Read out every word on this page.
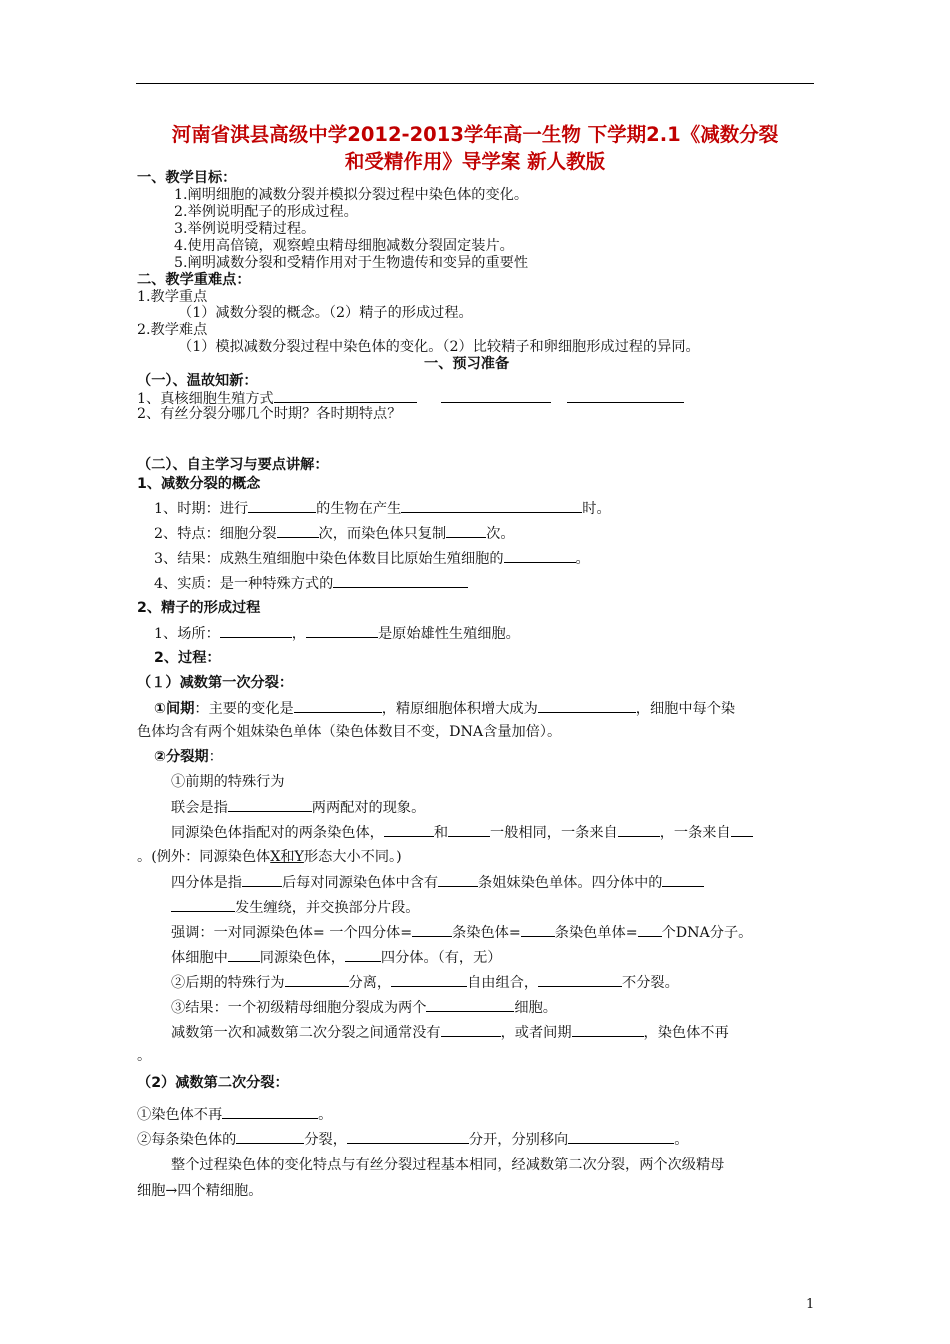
河南省淇县高级中学2012-2013学年高一生物 下学期2.1《减数分裂
和受精作用》导学案 新人教版
一、教学目标：
1.阐明细胞的减数分裂并模拟分裂过程中染色体的变化。
2.举例说明配子的形成过程。
3.举例说明受精过程。
4.使用高倍镜，观察蝗虫精母细胞减数分裂固定装片。
5.阐明减数分裂和受精作用对于生物遗传和变异的重要性
二、教学重难点：
1.教学重点
（1）减数分裂的概念。（2）精子的形成过程。
2.教学难点
（1）模拟减数分裂过程中染色体的变化。（2）比较精子和卵细胞形成过程的异同。
一、预习准备
（一）、温故知新：
1、真核细胞生殖方式
2、有丝分裂分哪几个时期？各时期特点？
（二）、自主学习与要点讲解：
1、减数分裂的概念
1、时期：进行	的生物在产生	时。
2、特点：细胞分裂	次，而染色体只复制	次。
3、结果：成熟生殖细胞中染色体数目比原始生殖细胞的	。
4、实质：是一种特殊方式的
2、精子的形成过程
1、场所：	，	是原始雄性生殖细胞。
2、过程：
（１）减数第一次分裂：
①间期：主要的变化是	，精原细胞体积增大成为	，细胞中每个染
色体均含有两个姐妹染色单体（染色体数目不变，DNA含量加倍）。
②分裂期：
①前期的特殊行为
联会是指	两两配对的现象。
同源染色体指配对的两条染色体，	和	一般相同，一条来自	，一条来自
。(例外：同源染色体X和Y形态大小不同。)
四分体是指	后每对同源染色体中含有	条姐妹染色单体。四分体中的
发生缠绕，并交换部分片段。
强调：一对同源染色体= 一个四分体=	条染色体= 条染色单体= 个DNA分子。
体细胞中 同源染色体，	四分体。（有，无）
②后期的特殊行为	分离，	自由组合，	不分裂。
③结果：一个初级精母细胞分裂成为两个	细胞。
减数第一次和减数第二次分裂之间通常没有	，或者间期	，染色体不再
。
（2）减数第二次分裂：
①染色体不再	。
②每条染色体的	分裂，	分开，分别移向	。
整个过程染色体的变化特点与有丝分裂过程基本相同，经减数第二次分裂，两个次级精母
细胞→四个精细胞。
1
